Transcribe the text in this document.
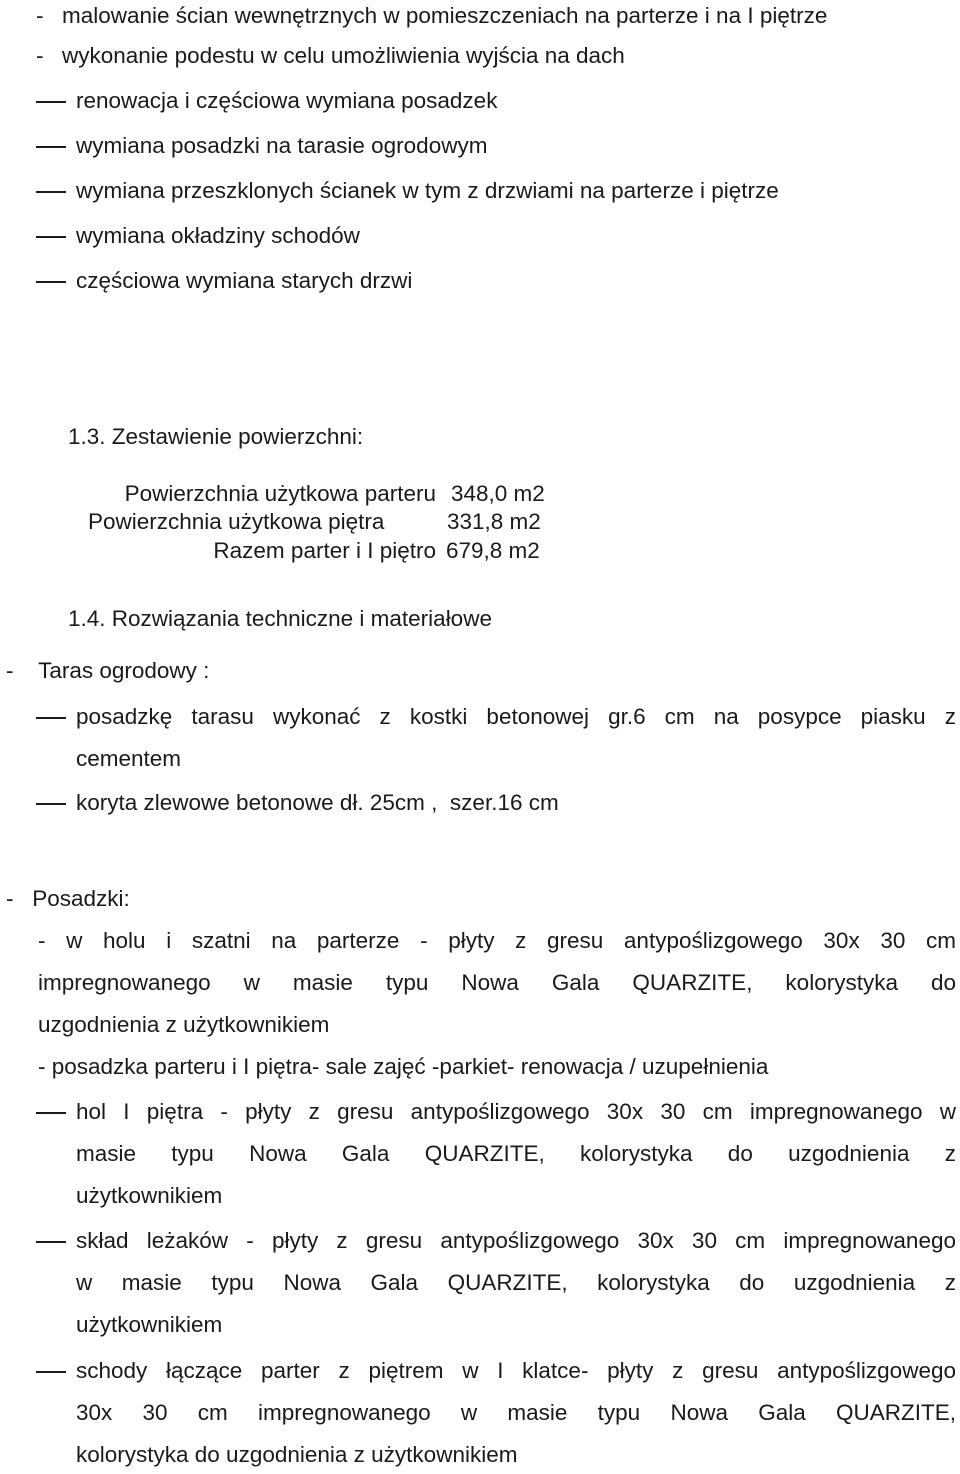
- malowanie ścian wewnętrznych w pomieszczeniach na parterze i na I piętrze
- wykonanie podestu w celu umożliwienia wyjścia na dach
renowacja i częściowa wymiana posadzek
wymiana posadzki na tarasie ogrodowym
wymiana przeszklonych ścianek w tym z drzwiami na parterze i piętrze
wymiana okładziny schodów
częściowa wymiana starych drzwi
1.3. Zestawienie powierzchni:
Powierzchnia użytkowa parteru 348,0 m2
Powierzchnia użytkowa piętra	331,8 m2
Razem parter i I piętro 679,8 m2
1.4. Rozwiązania techniczne i materiałowe
-    Taras ogrodowy :
posadzkę tarasu wykonać z kostki betonowej gr.6 cm na posypce piasku z
cementem
koryta zlewowe betonowe dł. 25cm ,  szer.16 cm
-   Posadzki:
- w holu i szatni na parterze - płyty z gresu antypoślizgowego 30x 30 cm
impregnowanego w masie typu Nowa Gala QUARZITE, kolorystyka do
uzgodnienia z użytkownikiem
- posadzka parteru i I piętra- sale zajęć -parkiet- renowacja / uzupełnienia
hol I piętra - płyty z gresu antypoślizgowego 30x 30 cm impregnowanego w
masie typu Nowa Gala QUARZITE, kolorystyka do uzgodnienia z
użytkownikiem
skład leżaków - płyty z gresu antypoślizgowego 30x 30 cm impregnowanego
w masie typu Nowa Gala QUARZITE, kolorystyka do uzgodnienia z
użytkownikiem
schody łączące parter z piętrem w I klatce- płyty z gresu antypoślizgowego
30x 30 cm impregnowanego w masie typu Nowa Gala QUARZITE,
kolorystyka do uzgodnienia z użytkownikiem
